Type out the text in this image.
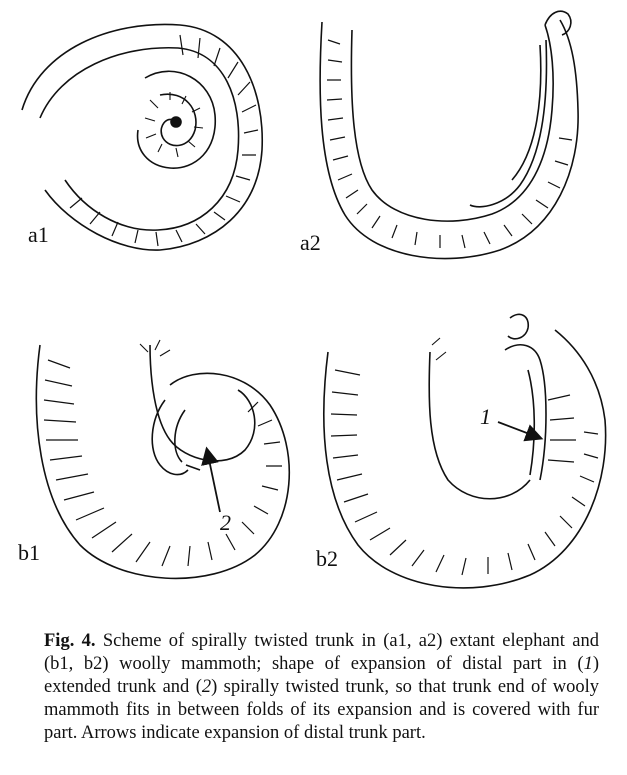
a1	a2
b1	b2
1
2
Fig. 4. Scheme of spirally twisted trunk in (a1, a2) extant elephant and (b1, b2) woolly mammoth; shape of expansion of distal part in (1) extended trunk and (2) spirally twisted trunk, so that trunk end of wooly mammoth fits in between folds of its expansion and is covered with fur part. Arrows indicate expansion of distal trunk part.
